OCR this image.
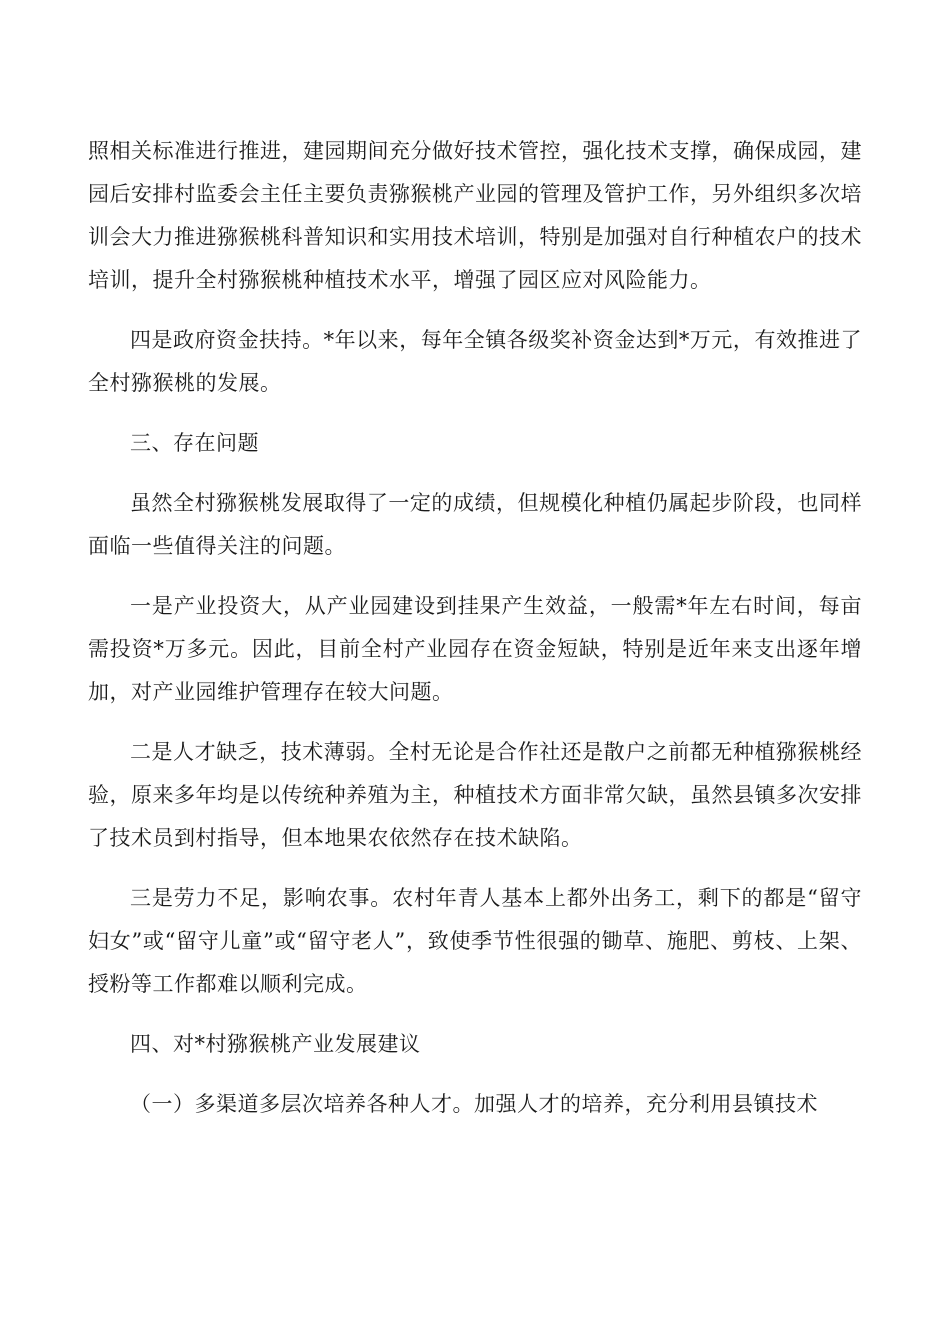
照相关标准进行推进，建园期间充分做好技术管控，强化技术支撑，确保成园，建园后安排村监委会主任主要负责猕猴桃产业园的管理及管护工作，另外组织多次培训会大力推进猕猴桃科普知识和实用技术培训，特别是加强对自行种植农户的技术培训，提升全村猕猴桃种植技术水平，增强了园区应对风险能力。

四是政府资金扶持。*年以来，每年全镇各级奖补资金达到*万元，有效推进了全村猕猴桃的发展。

三、存在问题

虽然全村猕猴桃发展取得了一定的成绩，但规模化种植仍属起步阶段，也同样面临一些值得关注的问题。

一是产业投资大，从产业园建设到挂果产生效益，一般需*年左右时间，每亩需投资*万多元。因此，目前全村产业园存在资金短缺，特别是近年来支出逐年增加，对产业园维护管理存在较大问题。

二是人才缺乏，技术薄弱。全村无论是合作社还是散户之前都无种植猕猴桃经验，原来多年均是以传统种养殖为主，种植技术方面非常欠缺，虽然县镇多次安排了技术员到村指导，但本地果农依然存在技术缺陷。

三是劳力不足，影响农事。农村年青人基本上都外出务工，剩下的都是“留守妇女”或“留守儿童”或“留守老人”，致使季节性很强的锄草、施肥、剪枝、上架、授粉等工作都难以顺利完成。

四、对*村猕猴桃产业发展建议

（一）多渠道多层次培养各种人才。加强人才的培养，充分利用县镇技术
